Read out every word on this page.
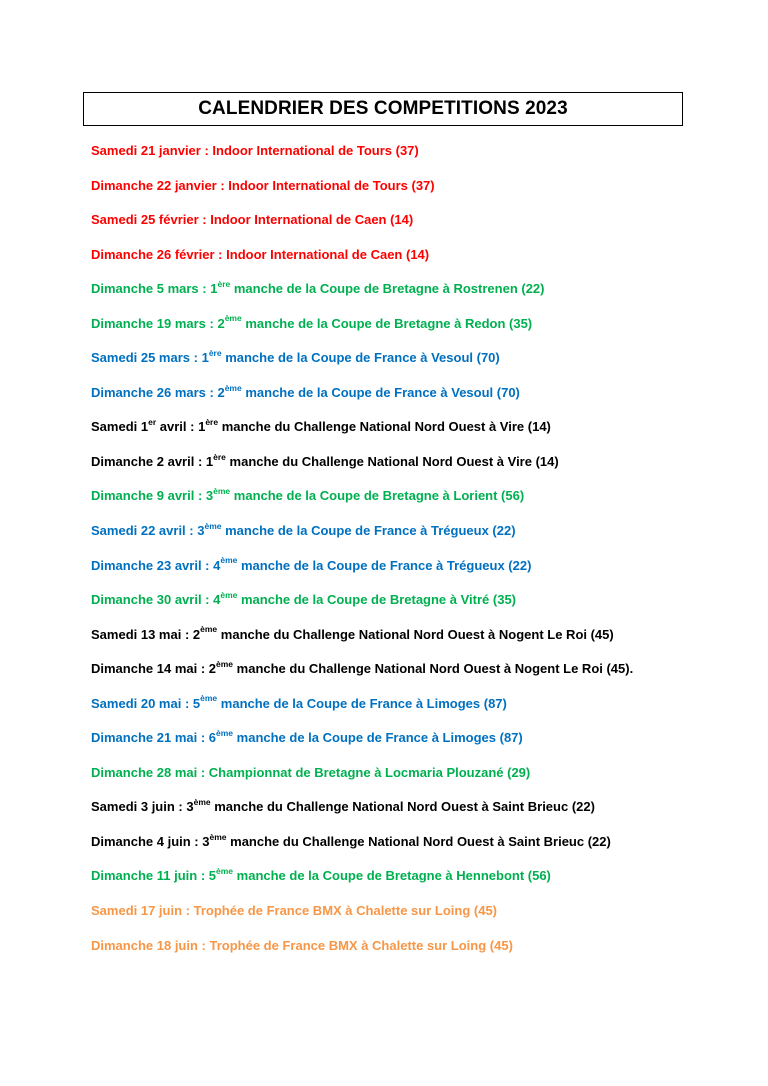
CALENDRIER DES COMPETITIONS 2023
Samedi 21 janvier : Indoor International de Tours (37)
Dimanche 22 janvier : Indoor International de Tours (37)
Samedi 25 février : Indoor International de Caen (14)
Dimanche 26 février : Indoor International de Caen (14)
Dimanche 5 mars : 1ère manche de la Coupe de Bretagne à Rostrenen (22)
Dimanche 19 mars : 2ème manche de la Coupe de Bretagne à Redon (35)
Samedi 25 mars : 1ère manche de la Coupe de France à Vesoul (70)
Dimanche 26 mars : 2ème manche de la Coupe de France à Vesoul (70)
Samedi 1er avril : 1ère manche du Challenge National Nord Ouest à Vire (14)
Dimanche 2 avril : 1ère manche du Challenge National Nord Ouest à Vire (14)
Dimanche 9 avril : 3ème manche de la Coupe de Bretagne à Lorient (56)
Samedi 22 avril : 3ème manche de la Coupe de France à Trégueux (22)
Dimanche 23 avril : 4ème manche de la Coupe de France à Trégueux (22)
Dimanche 30 avril : 4ème manche de la Coupe de Bretagne à Vitré (35)
Samedi 13 mai : 2ème manche du Challenge National Nord Ouest à Nogent Le Roi (45)
Dimanche 14 mai : 2ème manche du Challenge National Nord Ouest à Nogent Le Roi (45).
Samedi 20 mai : 5ème manche de la Coupe de France à Limoges (87)
Dimanche 21 mai : 6ème manche de la Coupe de France à Limoges (87)
Dimanche 28 mai : Championnat de Bretagne à Locmaria Plouzané (29)
Samedi 3 juin : 3ème manche du Challenge National Nord Ouest à Saint Brieuc (22)
Dimanche 4 juin : 3ème manche du Challenge National Nord Ouest à Saint Brieuc (22)
Dimanche 11 juin : 5ème manche de la Coupe de Bretagne à Hennebont (56)
Samedi 17 juin : Trophée de France BMX à Chalette sur Loing (45)
Dimanche 18 juin : Trophée de France BMX à Chalette sur Loing (45)
